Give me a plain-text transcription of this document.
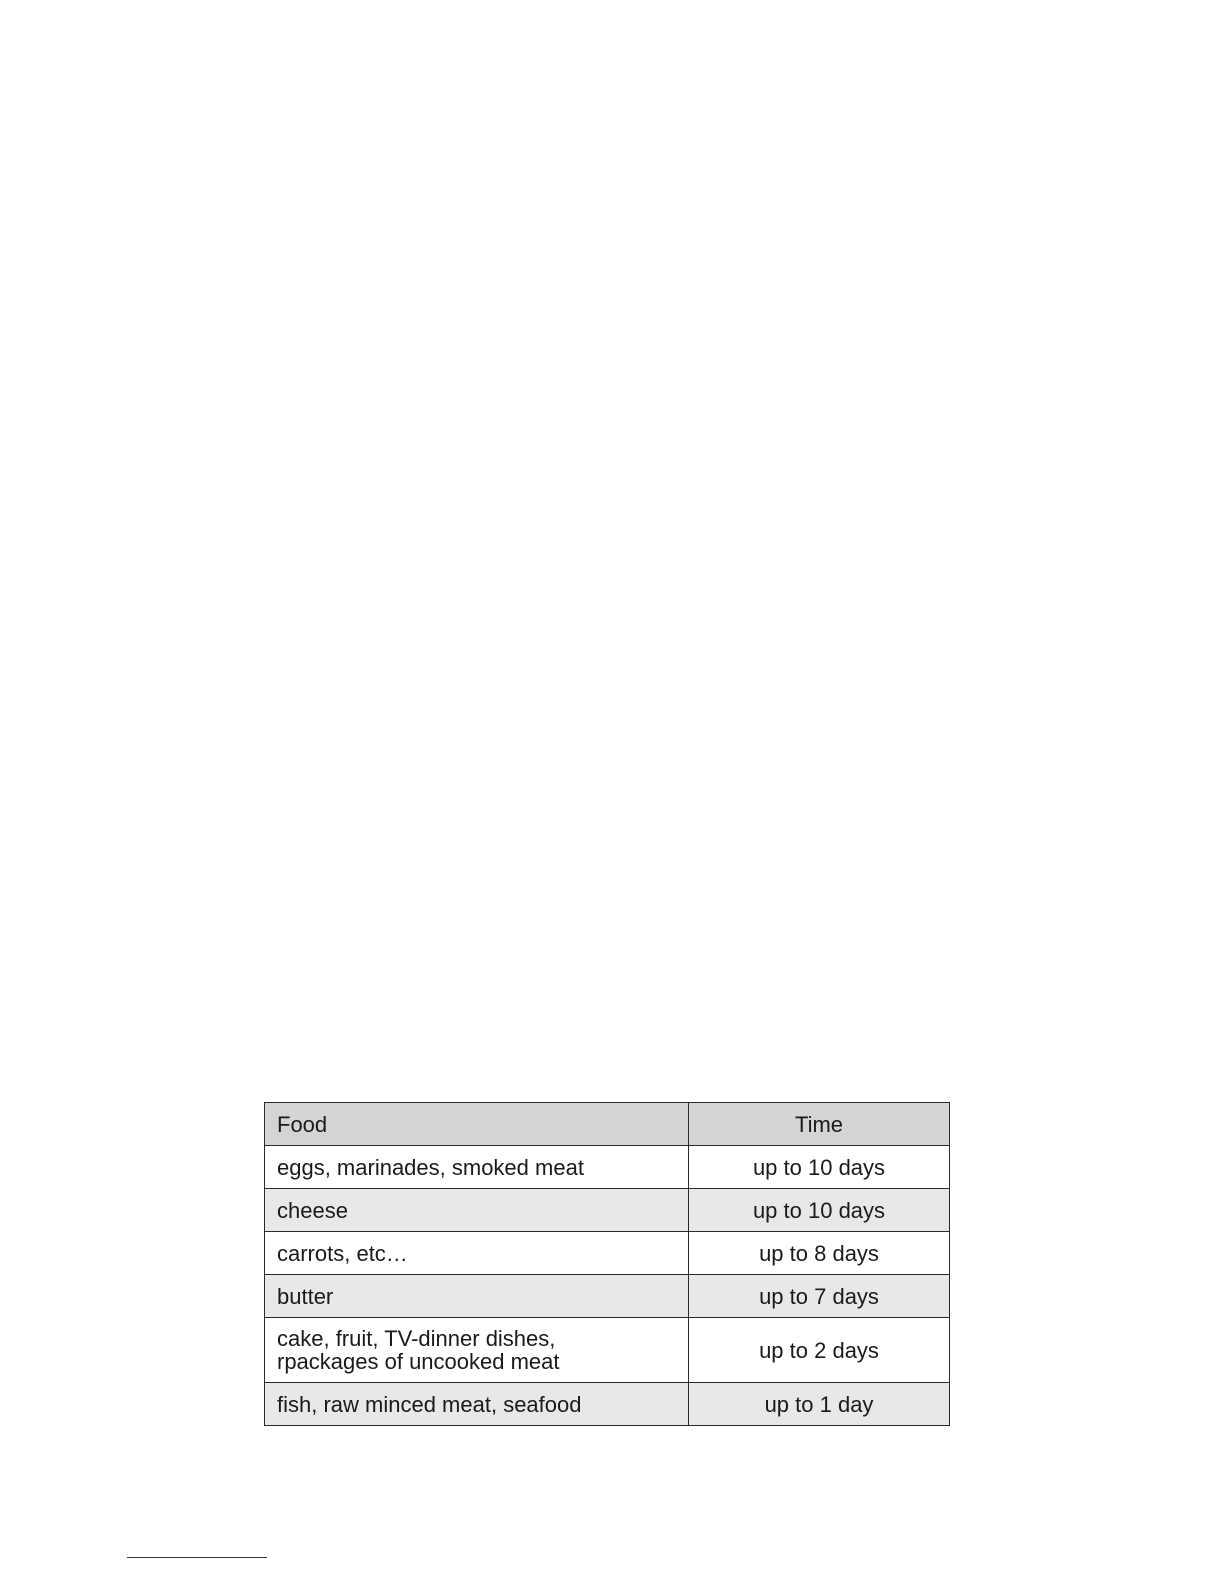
Food	Time
eggs, marinades, smoked meat	up to 10 days
cheese	up to 10 days
carrots, etc…	up to 8 days
butter	up to 7 days
cake, fruit, TV-dinner dishes,
rpackages of uncooked meat	up to 2 days
fish, raw minced meat, seafood	up to 1 day
